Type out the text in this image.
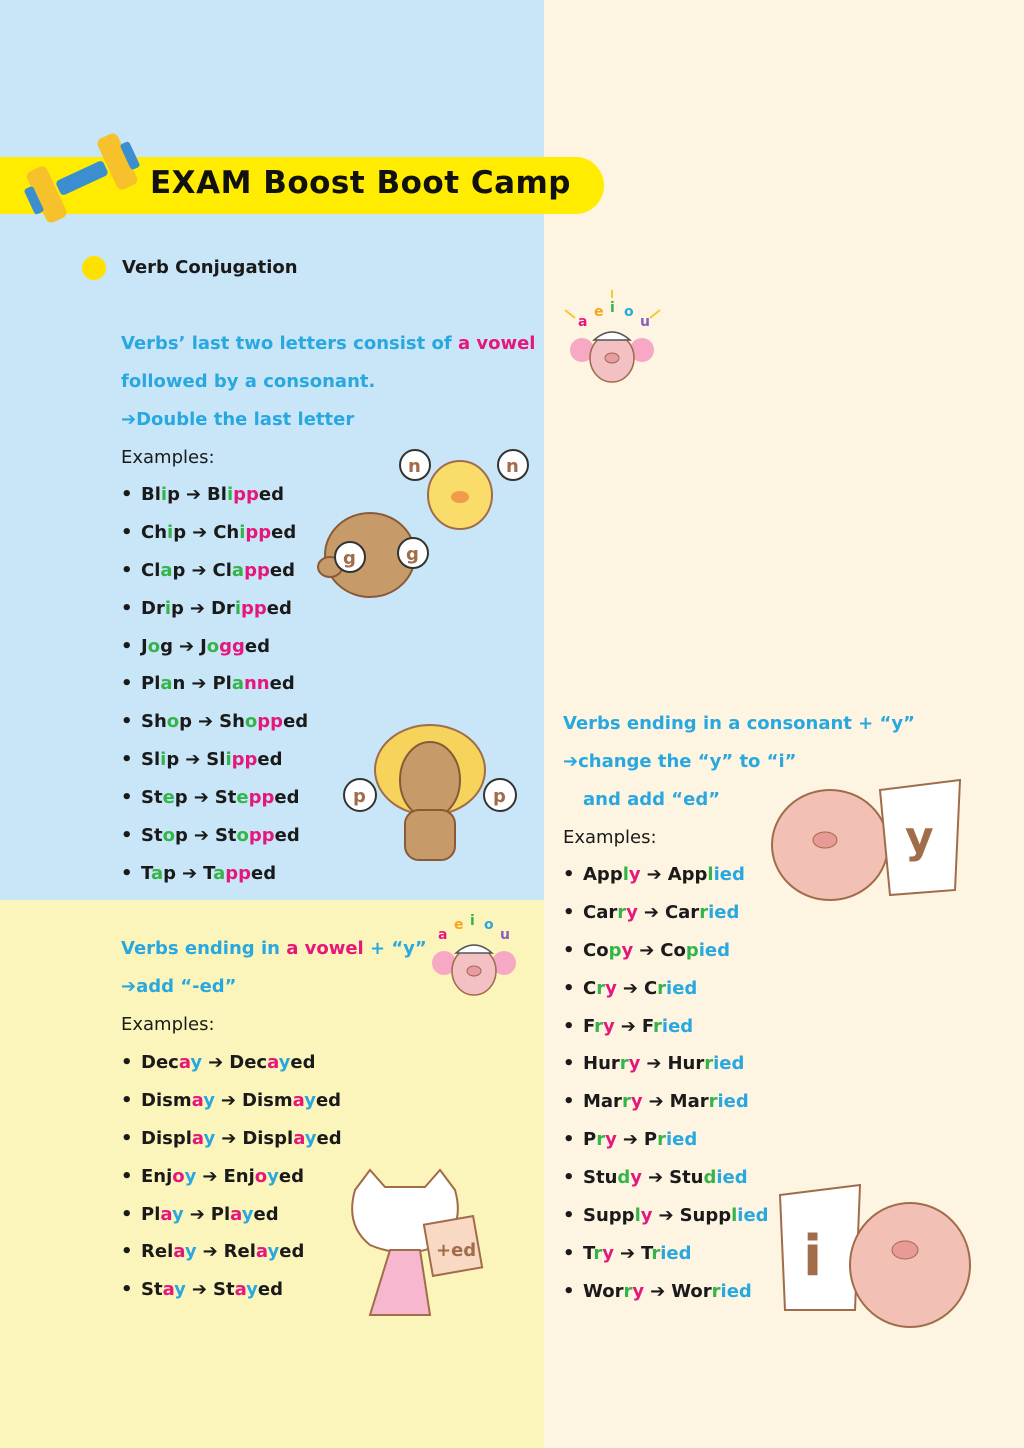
EXAM Boost Boot Camp
Verb Conjugation
Verbs’ last two letters consist of a vowel
followed by a consonant.
➔Double the last letter
Examples:
• Blip ➔ Blipped
• Chip ➔ Chipped
• Clap ➔ Clapped
• Drip ➔ Dripped
• Jog ➔ Jogged
• Plan ➔ Planned
• Shop ➔ Shopped
• Slip ➔ Slipped
• Step ➔ Stepped
• Stop ➔ Stopped
• Tap ➔ Tapped
Verbs ending in a vowel + “y”
➔add “-ed”
Examples:
• Decay ➔ Decayed
• Dismay ➔ Dismayed
• Display ➔ Displayed
• Enjoy ➔ Enjoyed
• Play ➔ Played
• Relay ➔ Relayed
• Stay ➔ Stayed
Verbs ending in a consonant + “y”
➔change the “y” to “i”
and add “ed”
Examples:
• Apply ➔ Applied
• Carry ➔ Carried
• Copy ➔ Copied
• Cry ➔ Cried
• Fry ➔ Fried
• Hurry ➔ Hurried
• Marry ➔ Married
• Pry ➔ Pried
• Study ➔ Studied
• Supply ➔ Supplied
• Try ➔ Tried
• Worry ➔ Worried
a
e i o
u
n	n
g	g
p	p
a
e i o
u
+ed
y
i
